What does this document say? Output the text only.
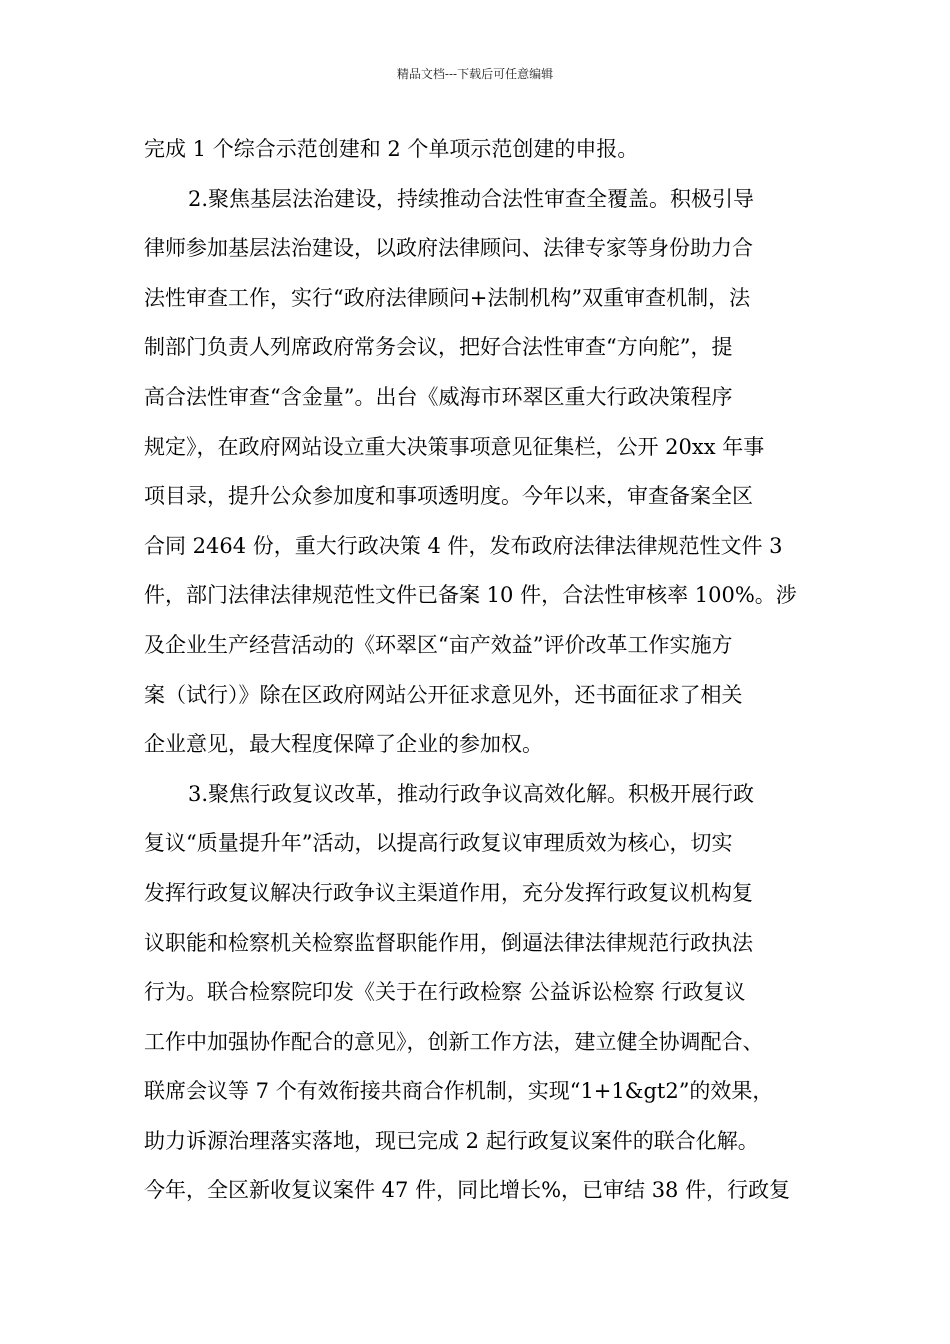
精品文档---下载后可任意编辑
完成 1 个综合示范创建和 2 个单项示范创建的申报。
2.聚焦基层法治建设，持续推动合法性审查全覆盖。积极引导
律师参加基层法治建设，以政府法律顾问、法律专家等身份助力合
法性审查工作，实行“政府法律顾问+法制机构”双重审查机制，法
制部门负责人列席政府常务会议，把好合法性审查“方向舵”，提
高合法性审查“含金量”。出台《威海市环翠区重大行政决策程序
规定》，在政府网站设立重大决策事项意见征集栏，公开 20xx 年事
项目录，提升公众参加度和事项透明度。今年以来，审查备案全区
合同 2464 份，重大行政决策 4 件，发布政府法律法律规范性文件 3
件，部门法律法律规范性文件已备案 10 件，合法性审核率 100%。涉
及企业生产经营活动的《环翠区“亩产效益”评价改革工作实施方
案（试行）》除在区政府网站公开征求意见外，还书面征求了相关
企业意见，最大程度保障了企业的参加权。
3.聚焦行政复议改革，推动行政争议高效化解。积极开展行政
复议“质量提升年”活动，以提高行政复议审理质效为核心，切实
发挥行政复议解决行政争议主渠道作用，充分发挥行政复议机构复
议职能和检察机关检察监督职能作用，倒逼法律法律规范行政执法
行为。联合检察院印发《关于在行政检察 公益诉讼检察 行政复议
工作中加强协作配合的意见》，创新工作方法，建立健全协调配合、
联席会议等 7 个有效衔接共商合作机制，实现“1+1&gt2”的效果，
助力诉源治理落实落地，现已完成 2 起行政复议案件的联合化解。
今年，全区新收复议案件 47 件，同比增长%，已审结 38 件，行政复
